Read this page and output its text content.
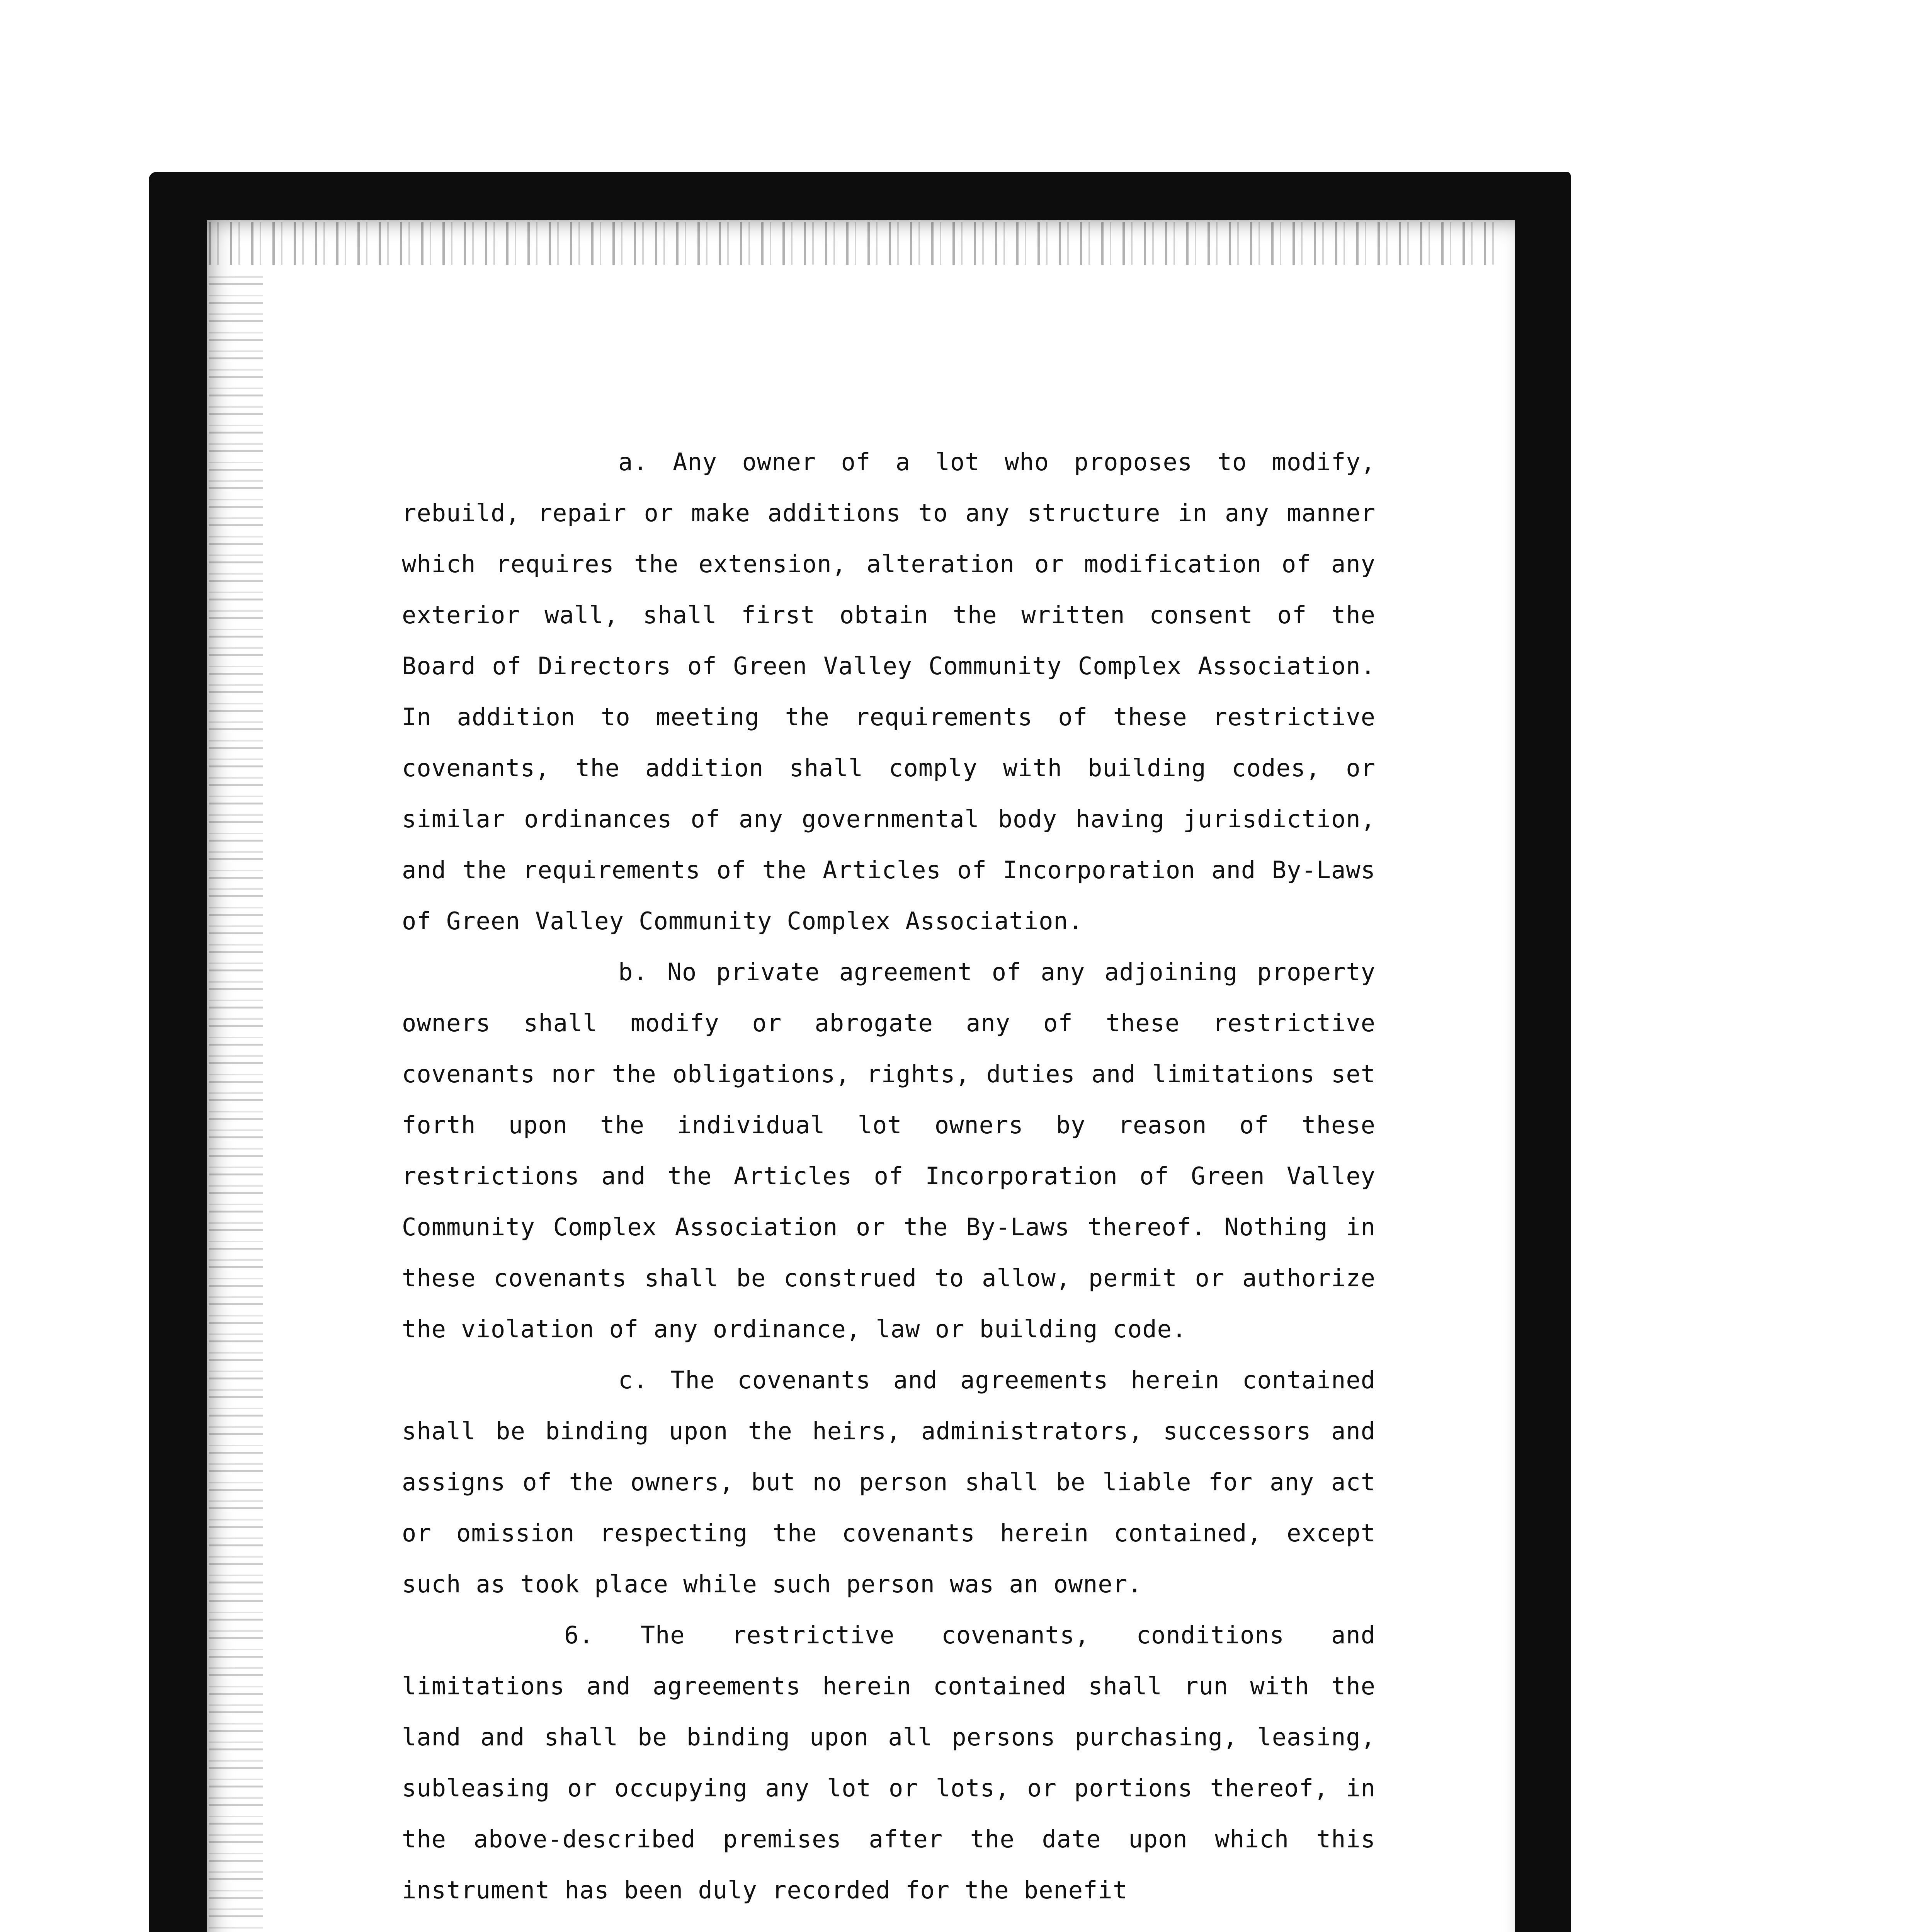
a. Any owner of a lot who proposes to modify, rebuild, repair or make additions to any structure in any manner which requires the extension, alteration or modification of any exterior wall, shall first obtain the written consent of the Board of Directors of Green Valley Community Complex Association. In addition to meeting the requirements of these restrictive covenants, the addition shall comply with building codes, or similar ordinances of any governmental body having jurisdiction, and the requirements of the Articles of Incorporation and By-Laws of Green Valley Community Complex Association.

b. No private agreement of any adjoining property owners shall modify or abrogate any of these restrictive covenants nor the obligations, rights, duties and limitations set forth upon the individual lot owners by reason of these restrictions and the Articles of Incorporation of Green Valley Community Complex Association or the By-Laws thereof. Nothing in these covenants shall be construed to allow, permit or authorize the violation of any ordinance, law or building code.

c. The covenants and agreements herein contained shall be binding upon the heirs, administrators, successors and assigns of the owners, but no person shall be liable for any act or omission respecting the covenants herein contained, except such as took place while such person was an owner.

6. The restrictive covenants, conditions and limitations and agreements herein contained shall run with the land and shall be binding upon all persons purchasing, leasing, subleasing or occupying any lot or lots, or portions thereof, in the above-described premises after the date upon which this instrument has been duly recorded for the benefit
